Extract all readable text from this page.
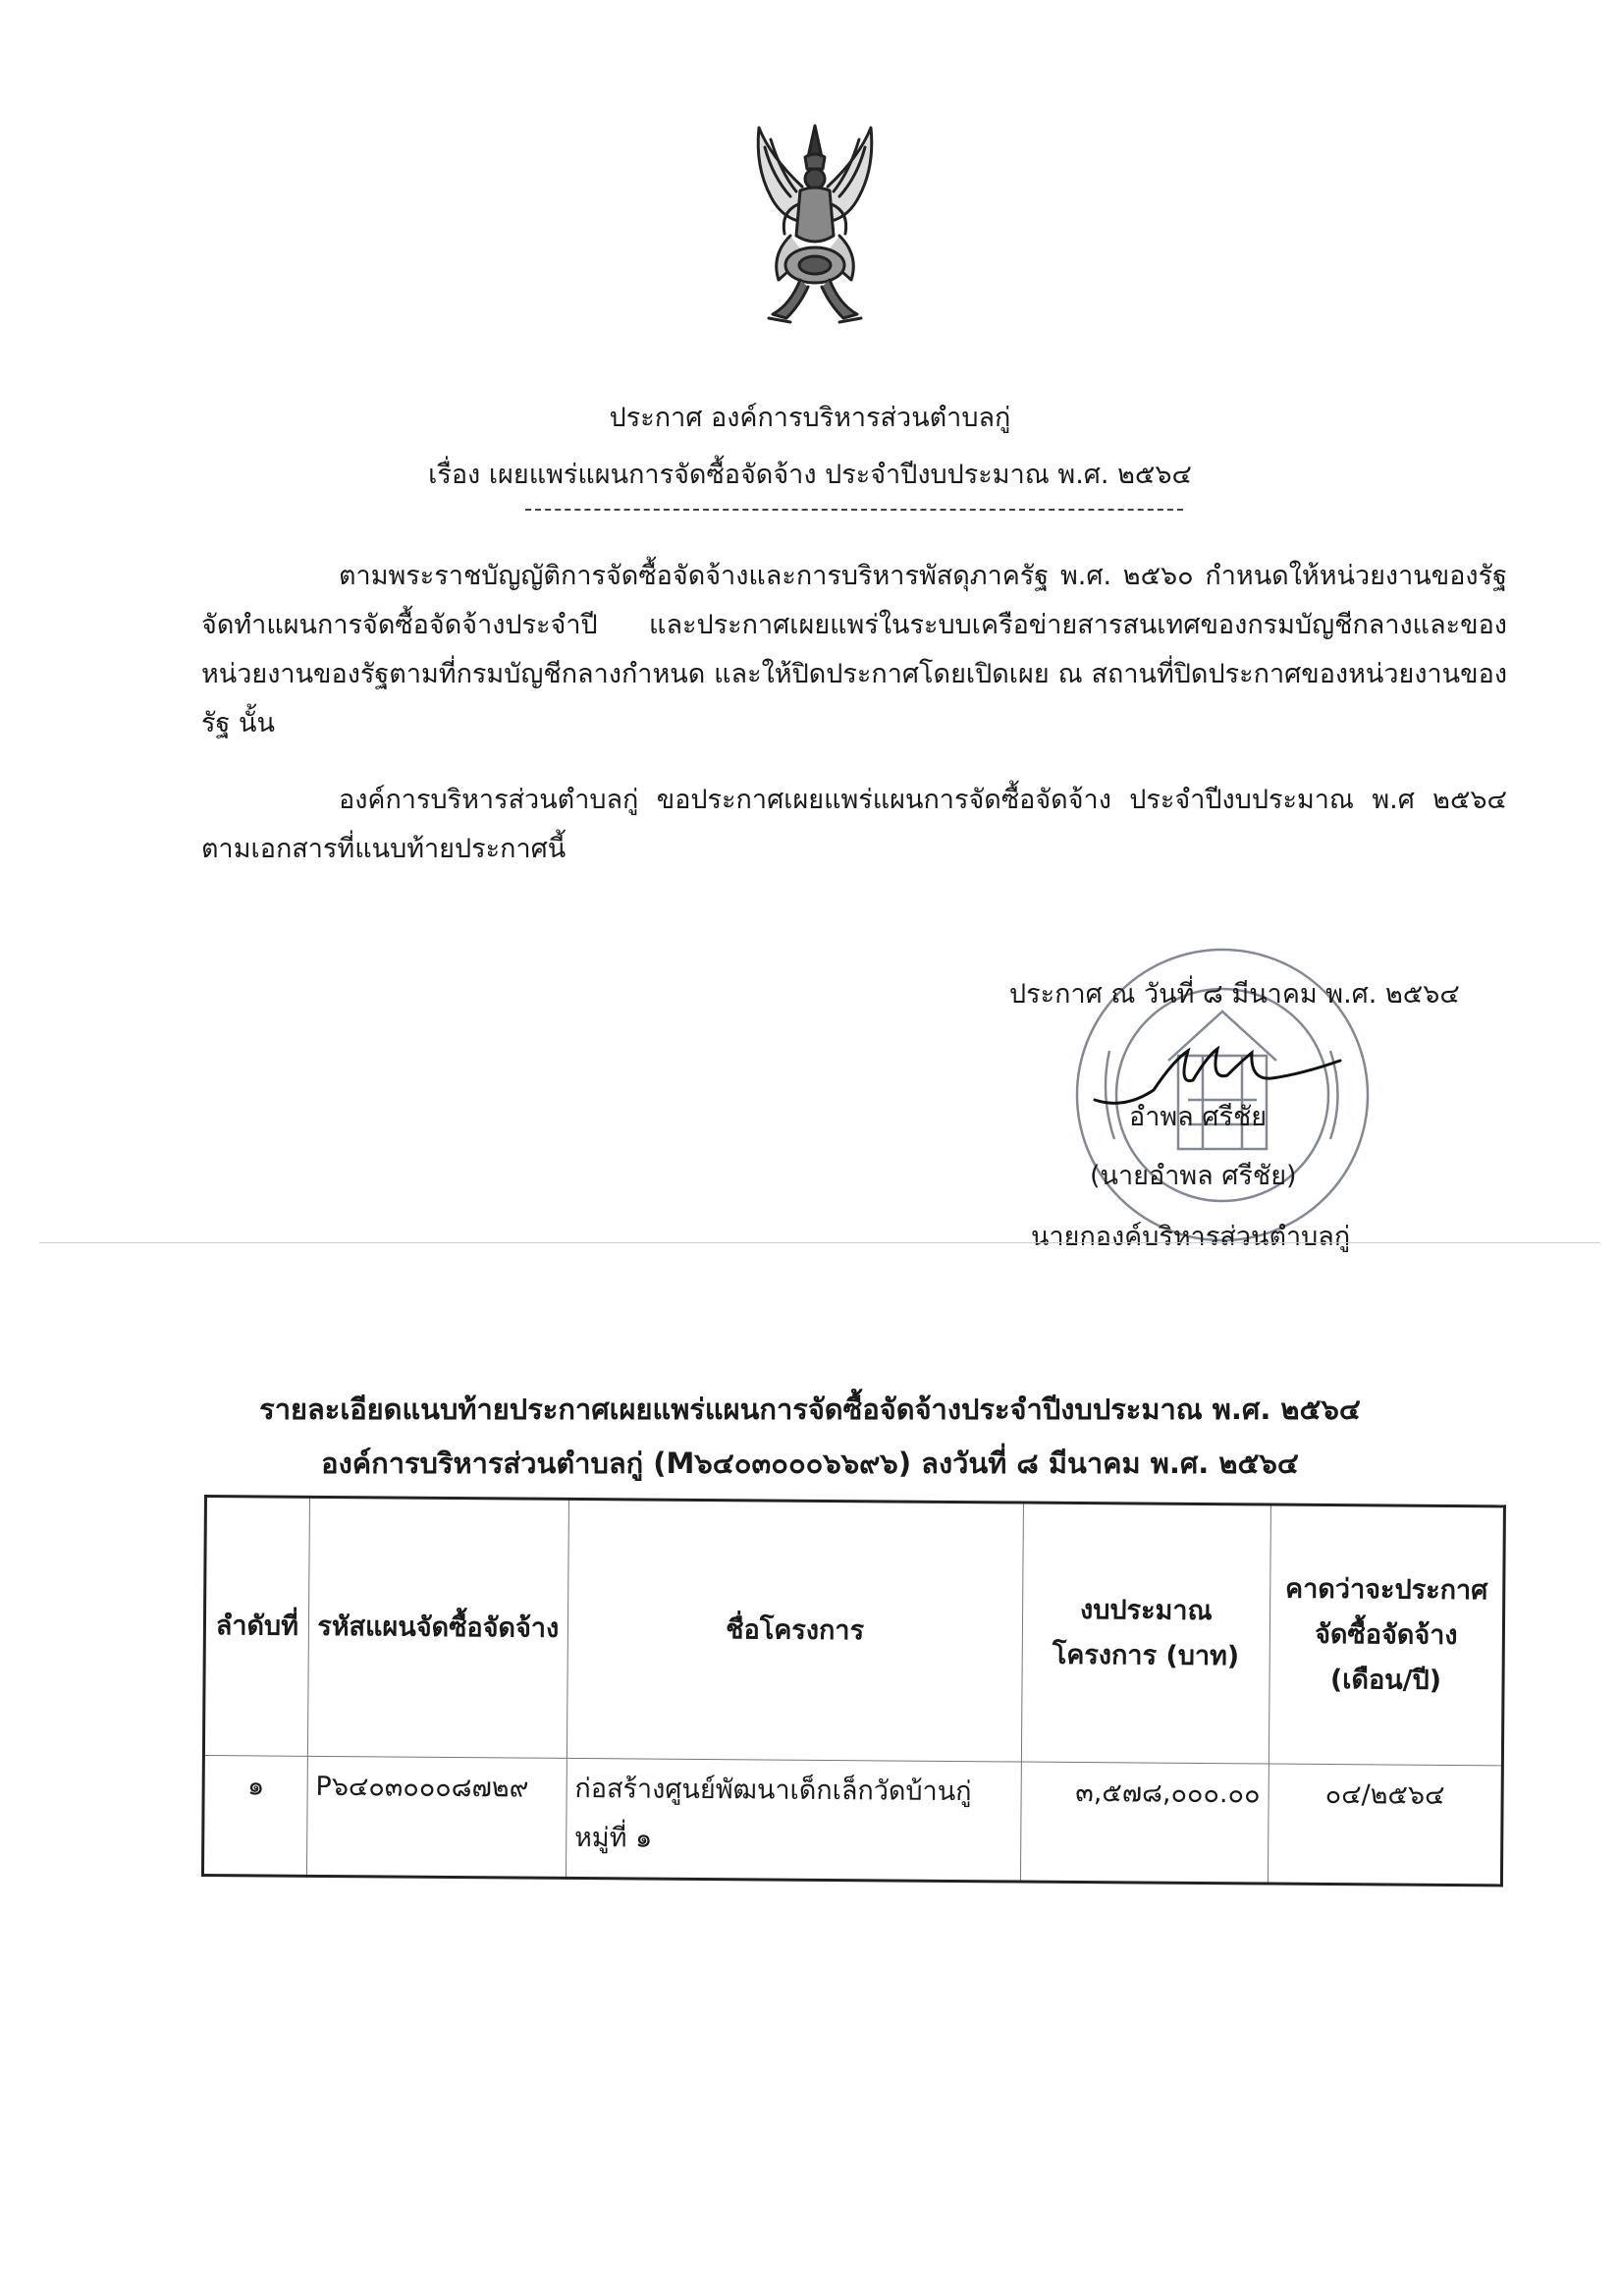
ประกาศ องค์การบริหารส่วนตำบลกู่
เรื่อง เผยแพร่แผนการจัดซื้อจัดจ้าง ประจำปีงบประมาณ พ.ศ. ๒๕๖๔
ตามพระราชบัญญัติการจัดซื้อจัดจ้างและการบริหารพัสดุภาครัฐ พ.ศ. ๒๕๖๐ กำหนดให้หน่วยงานของรัฐจัดทำแผนการจัดซื้อจัดจ้างประจำปี และประกาศเผยแพร่ในระบบเครือข่ายสารสนเทศของกรมบัญชีกลางและของหน่วยงานของรัฐตามที่กรมบัญชีกลางกำหนด และให้ปิดประกาศโดยเปิดเผย ณ สถานที่ปิดประกาศของหน่วยงานของรัฐ นั้น
องค์การบริหารส่วนตำบลกู่ ขอประกาศเผยแพร่แผนการจัดซื้อจัดจ้าง ประจำปีงบประมาณ พ.ศ ๒๕๖๔ ตามเอกสารที่แนบท้ายประกาศนี้
ประกาศ ณ วันที่ ๘ มีนาคม พ.ศ. ๒๕๖๔
อำพล ศรีชัย
(นายอำพล ศรีชัย)
นายกองค์บริหารส่วนตำบลกู่
รายละเอียดแนบท้ายประกาศเผยแพร่แผนการจัดซื้อจัดจ้างประจำปีงบประมาณ พ.ศ. ๒๕๖๔
องค์การบริหารส่วนตำบลกู่ (M๖๔๐๓๐๐๐๖๖๙๖) ลงวันที่ ๘ มีนาคม พ.ศ. ๒๕๖๔
ลำดับที่	รหัสแผนจัดซื้อจัดจ้าง	ชื่อโครงการ	งบประมาณโครงการ (บาท)	คาดว่าจะประกาศจัดซื้อจัดจ้าง (เดือน/ปี)
๑	P๖๔๐๓๐๐๐๘๗๒๙	ก่อสร้างศูนย์พัฒนาเด็กเล็กวัดบ้านกู่ หมู่ที่ ๑	๓,๕๗๘,๐๐๐.๐๐	๐๔/๒๕๖๔
